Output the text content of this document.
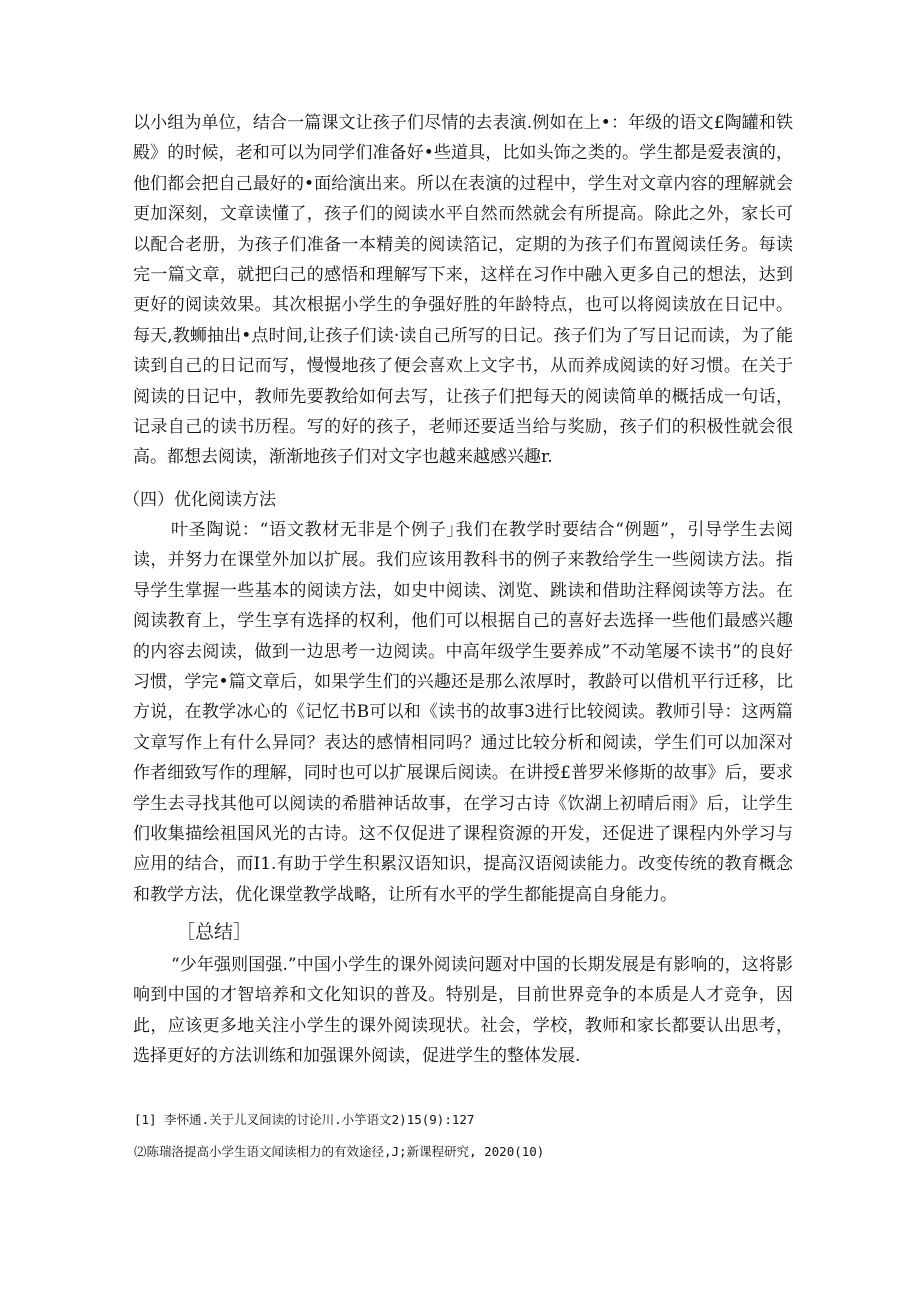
以小组为单位，结合一篇课文让孩子们尽情的去表演.例如在上•：年级的语文£陶罐和铁殿》的时候，老和可以为同学们准备好•些道具，比如头饰之类的。学生都是爱表演的，他们都会把自己最好的•面给演出来。所以在表演的过程中，学生对文章内容的理解就会更加深刻，文章读懂了，孩子们的阅读水平自然而然就会有所提高。除此之外，家长可以配合老册，为孩子们准备一本精美的阅读箔记，定期的为孩子们布置阅读任务。每读完一篇文章，就把臼己的感悟和理解写下来，这样在习作中融入更多自己的想法，达到更好的阅读效果。其次根据小学生的争强好胜的年龄特点，也可以将阅读放在日记中。每天,教蛳抽出•点时间,让孩子们读·读自己所写的日记。孩子们为了写日记而读，为了能读到自己的日记而写，慢慢地孩了便会喜欢上文字书，从而养成阅读的好习惯。在关于阅读的日记中，教师先要教给如何去写，让孩子们把每天的阅读简单的概括成一句话，记录自己的读书历程。写的好的孩子，老师还要适当给与奖励，孩子们的积极性就会很高。都想去阅读，渐渐地孩子们对文字也越来越感兴趣r.

（四）优化阅读方法

叶圣陶说：“语文教材无非是个例子｣我们在教学时要结合“例题”，引导学生去阅读，并努力在课堂外加以扩展。我们应该用教科书的例子来教给学生一些阅读方法。指导学生掌握一些基本的阅读方法，如史中阅读、浏览、跳读和借助注释阅读等方法。在阅读教育上，学生享有选择的权利，他们可以根据自己的喜好去选择一些他们最感兴趣的内容去阅读，做到一边思考一边阅读。中高年级学生要养成”不动笔屡不读书”的良好习惯，学完•篇文章后，如果学生们的兴趣还是那么浓厚时，教龄可以借机平行迁移，比方说，在教学冰心的《记忆书B可以和《读书的故事3进行比较阅读。教师引导：这两篇文章写作上有什么异同？表达的感情相同吗？通过比较分析和阅读，学生们可以加深对作者细致写作的理解，同时也可以扩展课后阅读。在讲授£普罗米修斯的故事》后，要求学生去寻找其他可以阅读的希腊神话故事，在学习古诗《饮湖上初晴后雨》后，让学生们收集描绘祖国风光的古诗。这不仅促进了课程资源的开发，还促进了课程内外学习与应用的结合，而I1.有助于学生积累汉语知识，提高汉语阅读能力。改变传统的教育概念和教学方法，优化课堂教学战略，让所有水平的学生都能提高自身能力。

［总结］

“少年强则国强.”中国小学生的课外阅读问题对中国的长期发展是有影响的，这将影响到中国的才智培养和文化知识的普及。特别是，目前世界竞争的本质是人才竞争，因此，应该更多地关注小学生的课外阅读现状。社会，学校，教师和家长都要认出思考，选择更好的方法训练和加强课外阅读，促进学生的整体发展.

[1] 李怀通.关于儿叉间读的讨论川.小竽语文2)15(9):127

⑵陈瑞洛提高小学生语文闻读相力的有效途径,J;新课程研究, 2020(10)
